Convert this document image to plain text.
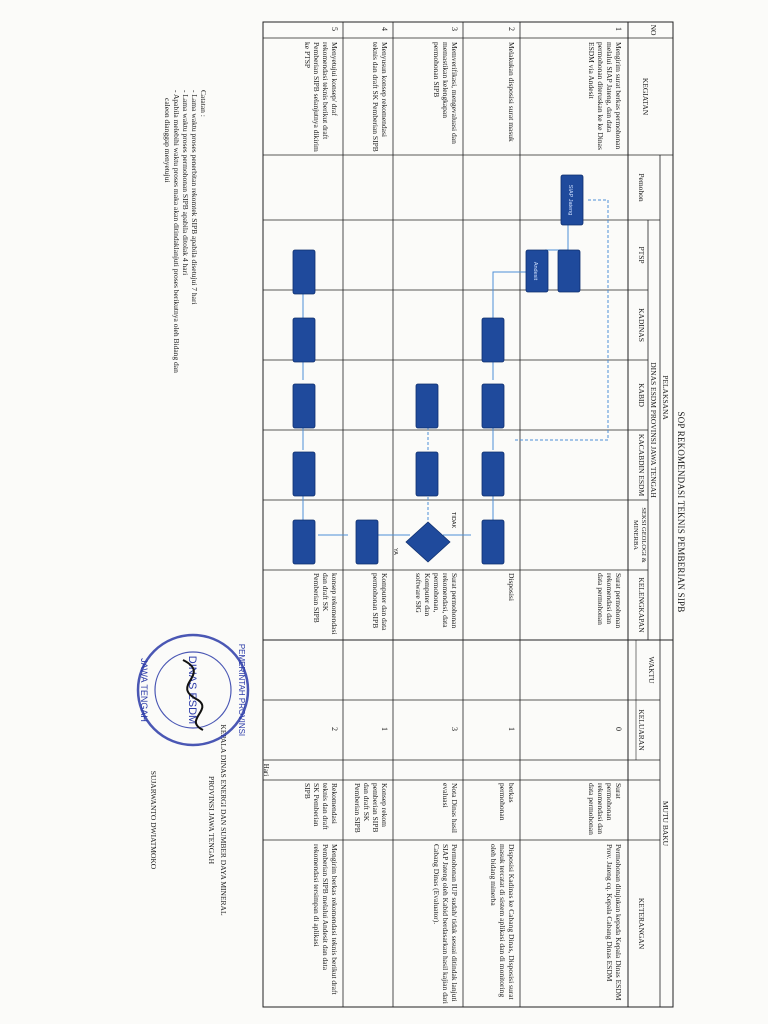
SOP REKOMENDASI TEKNIS PEMBERIAN SIPB
SIAP Jateng
Andesit
TIDAK
YA
NO
KEGIATAN
PELAKSANA
DINAS ESDM PROVINSI JAWA TENGAH
MUTU BAKU
Pemohon
PTSP
KADINAS
KABID
KACABDIN ESDM
SEKSI GEOLOGI & MINERBA
KELENGKAPAN
WAKTU
KELUARAN
KETERANGAN
Hari
1
Mengirim surat berkas permohonan melalui SIAP Jateng, dan data permohonan diteruskan ke ke Dinas ESDM via Andesit
Surat permohonan rekomendasi dan data permohonan
0
Surat permohonan rekomendasi dan data permohonan
Permohonan ditujukan kepada Kepala Dinas ESDM Prov. Jateng cq. Kepala Cabang Dinas ESDM
2
Melakukan disposisi surat masuk
Disposisi
1
berkas permohonan
Disposisi Kadinas ke Cabang Dinas, Disposisi surat masuk tercatat di sistem aplikasi dan di monitoring oleh bidang minerba
3
Memverifikasi, mengevaluasi dan memastikan kelengkapan permohonan SIPB
Surat permohonan rekomendasi, data permohonan, Komputer dan software SIG
3
Nota Dinas hasil evaluasi
Permohonan IUP sudah/ tidak sesuai ditindak lanjuti SIAP Jateng oleh Kabid berdasarkan hasil kajian dari Cabang Dinas (Evaluator).
4
Menyusun konsep rekomendasi teknis dan draft SK Pemberian SIPB
Komputer dan data permohonan SIPB
1
Konsep rekom pemberian SIPB dan draft SK Pemberian SIPB
5
Menyetujui konsep/ draf rekomendasi teknis berikut draft Pemberian SIPB selanjutnya dikirim ke PTSP
konsep rekomendasi dan draft SK Pemberian SIPB
2
Rekomendasi teknis dan draft SK Pemberian SIPB
Mengirim berkas rekomendasi teknis berikut draft Pemberian SIPB melalui Andesit dan data rekomendasi tersimpan di aplikasi
Catatan :
- Lama waktu proses penerbitan rekomtek SIPB apabila disetujui 7 hari
- Lama waktu proses permohonan SIPB apabila ditolak 4 hari
- Apabila melebihi waktu proses maka akan ditindaklanjuti proses berikutnya oleh Bidang dan
caleon dianggap menyetujui
KEPALA DINAS ENERGI DAN SUMBER DAYA MINERAL
PROVINSI JAWA TENGAH
SUJARWANTO DWIATMOKO
PEMERINTAH PROVINSI
DINAS ESDM
JAWA TENGAH
